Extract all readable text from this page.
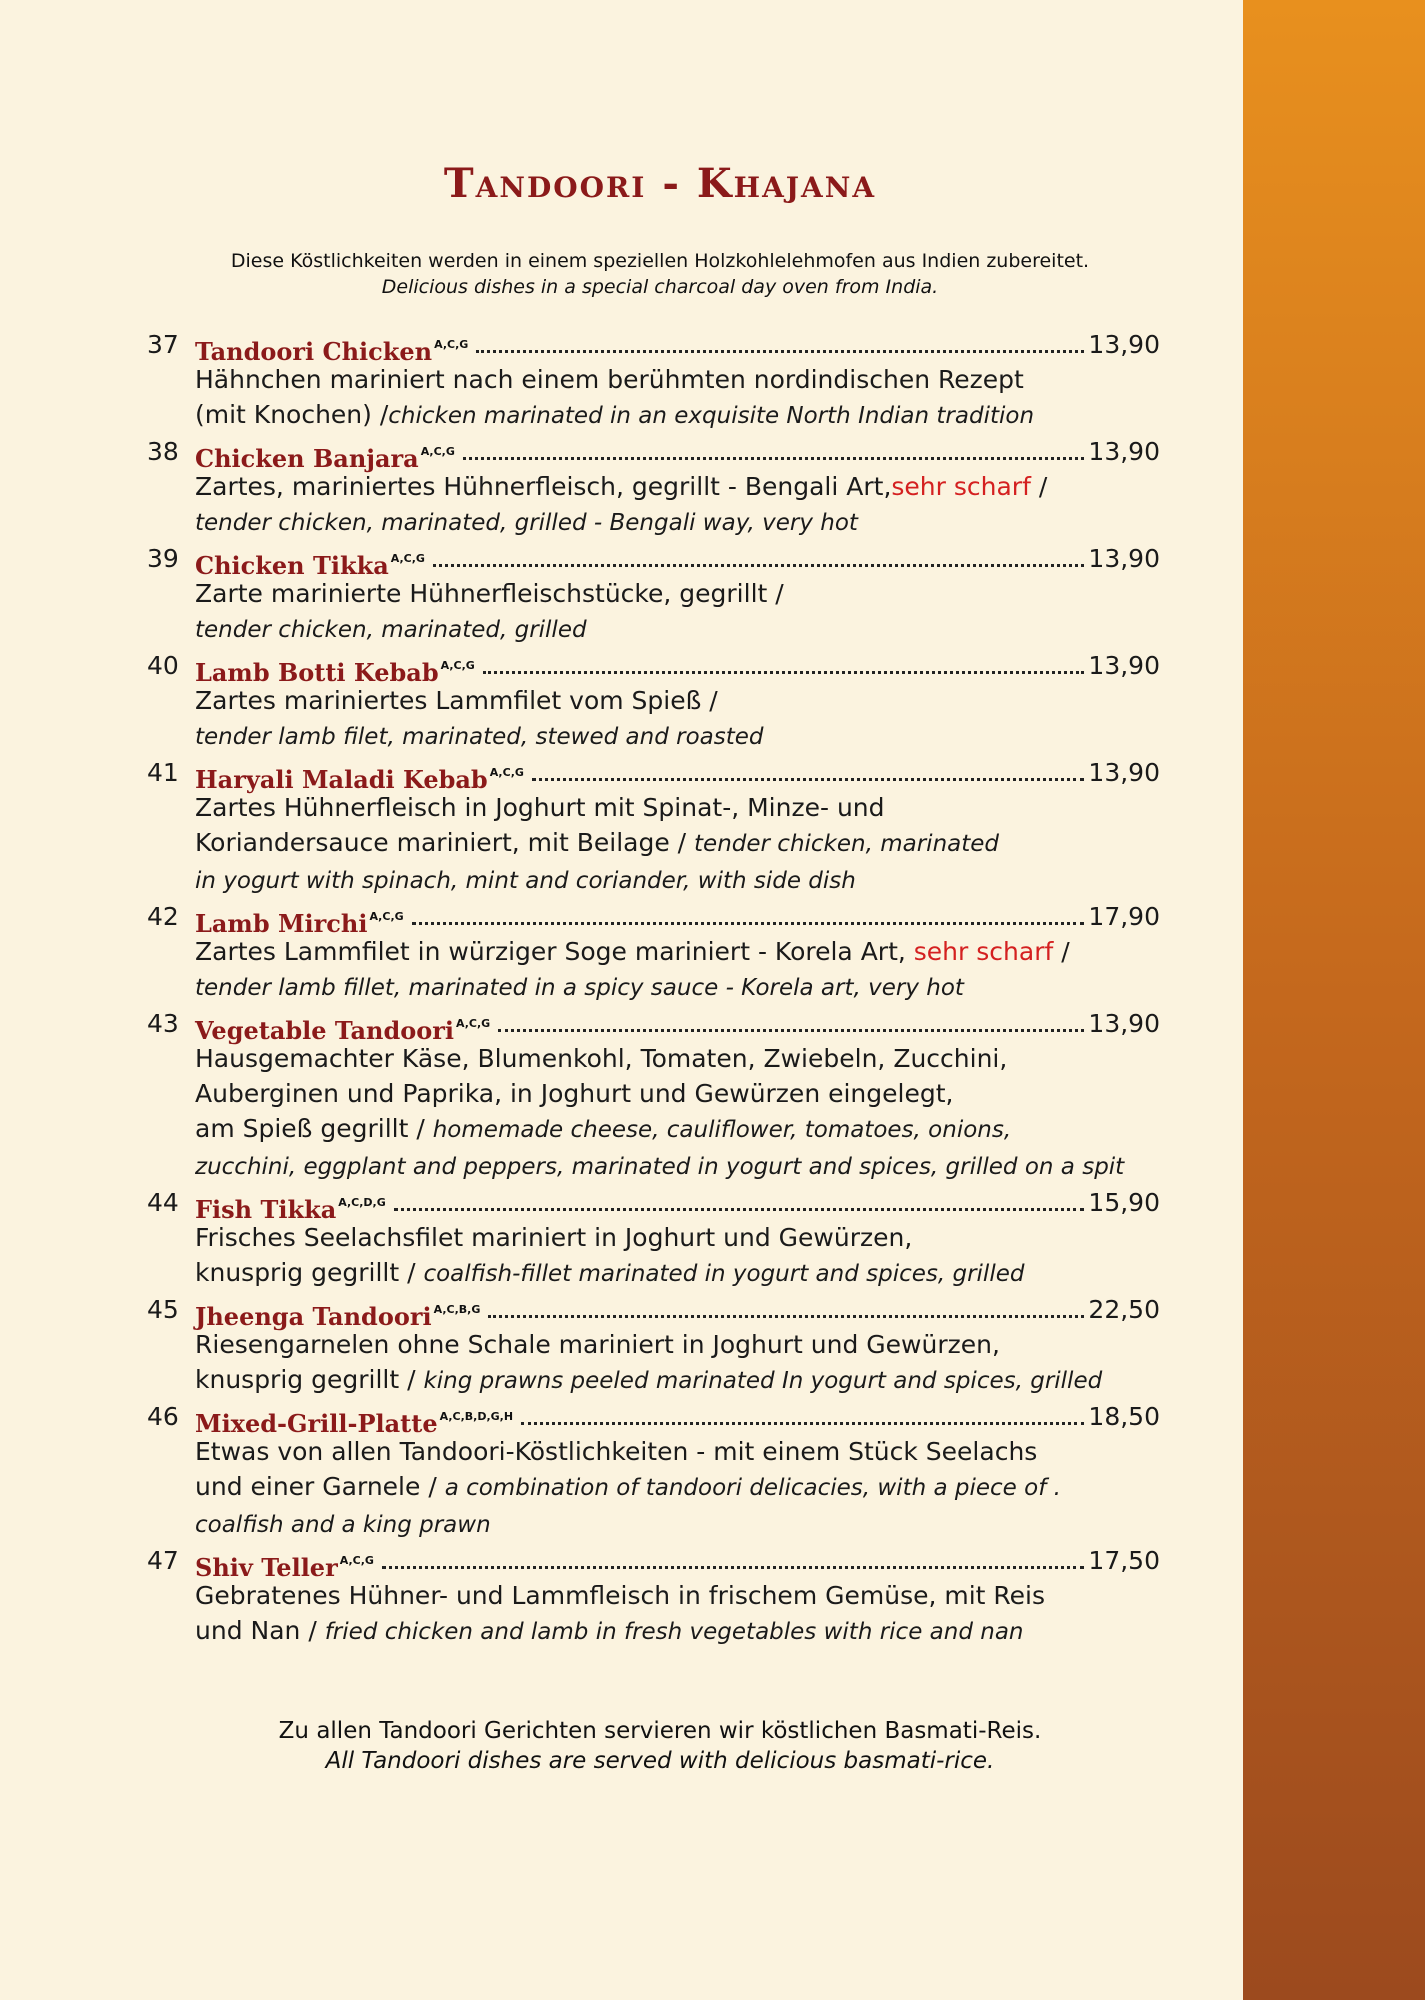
Tandoori - Khajana
Diese Köstlichkeiten werden in einem speziellen Holzkohlelehmofen aus Indien zubereitet.
Delicious dishes in a special charcoal day oven from India.
37 Tandoori Chicken $^{A,C,G}$	13,90
Hähnchen mariniert nach einem berühmten nordindischen Rezept
(mit Knochen) /chicken marinated in an exquisite North Indian tradition
38 Chicken Banjara $^{A,C,G}$	13,90
Zartes, mariniertes Hühnerfleisch, gegrillt - Bengali Art,sehr scharf /
tender chicken, marinated, grilled - Bengali way, very hot
39 Chicken Tikka $^{A,C,G}$	13,90
Zarte marinierte Hühnerfleischstücke, gegrillt /
tender chicken, marinated, grilled
40 Lamb Botti Kebab $^{A,C,G}$	13,90
Zartes mariniertes Lammfilet vom Spieß /
tender lamb filet, marinated, stewed and roasted
41 Haryali Maladi Kebab $^{A,C,G}$	13,90
Zartes Hühnerfleisch in Joghurt mit Spinat-, Minze- und
Koriandersauce mariniert, mit Beilage / tender chicken, marinated
in yogurt with spinach, mint and coriander, with side dish
42 Lamb Mirchi $^{A,C,G}$	17,90
Zartes Lammfilet in würziger Soge mariniert - Korela Art, sehr scharf /
tender lamb fillet, marinated in a spicy sauce - Korela art, very hot
43 Vegetable Tandoori $^{A,C,G}$	13,90
Hausgemachter Käse, Blumenkohl, Tomaten, Zwiebeln, Zucchini,
Auberginen und Paprika, in Joghurt und Gewürzen eingelegt,
am Spieß gegrillt / homemade cheese, cauliflower, tomatoes, onions,
zucchini, eggplant and peppers, marinated in yogurt and spices, grilled on a spit
44 Fish Tikka $^{A,C,D,G}$	15,90
Frisches Seelachsfilet mariniert in Joghurt und Gewürzen,
knusprig gegrillt / coalfish-fillet marinated in yogurt and spices, grilled
45 Jheenga Tandoori $^{A,C,B,G}$	22,50
Riesengarnelen ohne Schale mariniert in Joghurt und Gewürzen,
knusprig gegrillt / king prawns peeled marinated In yogurt and spices, grilled
46 Mixed-Grill-Platte $^{A,C,B,D,G,H}$	18,50
Etwas von allen Tandoori-Köstlichkeiten - mit einem Stück Seelachs
und einer Garnele / a combination of tandoori delicacies, with a piece of .
coalfish and a king prawn
47 Shiv Teller $^{A,C,G}$	17,50
Gebratenes Hühner- und Lammfleisch in frischem Gemüse, mit Reis
und Nan / fried chicken and lamb in fresh vegetables with rice and nan
Zu allen Tandoori Gerichten servieren wir köstlichen Basmati-Reis.
All Tandoori dishes are served with delicious basmati-rice.
